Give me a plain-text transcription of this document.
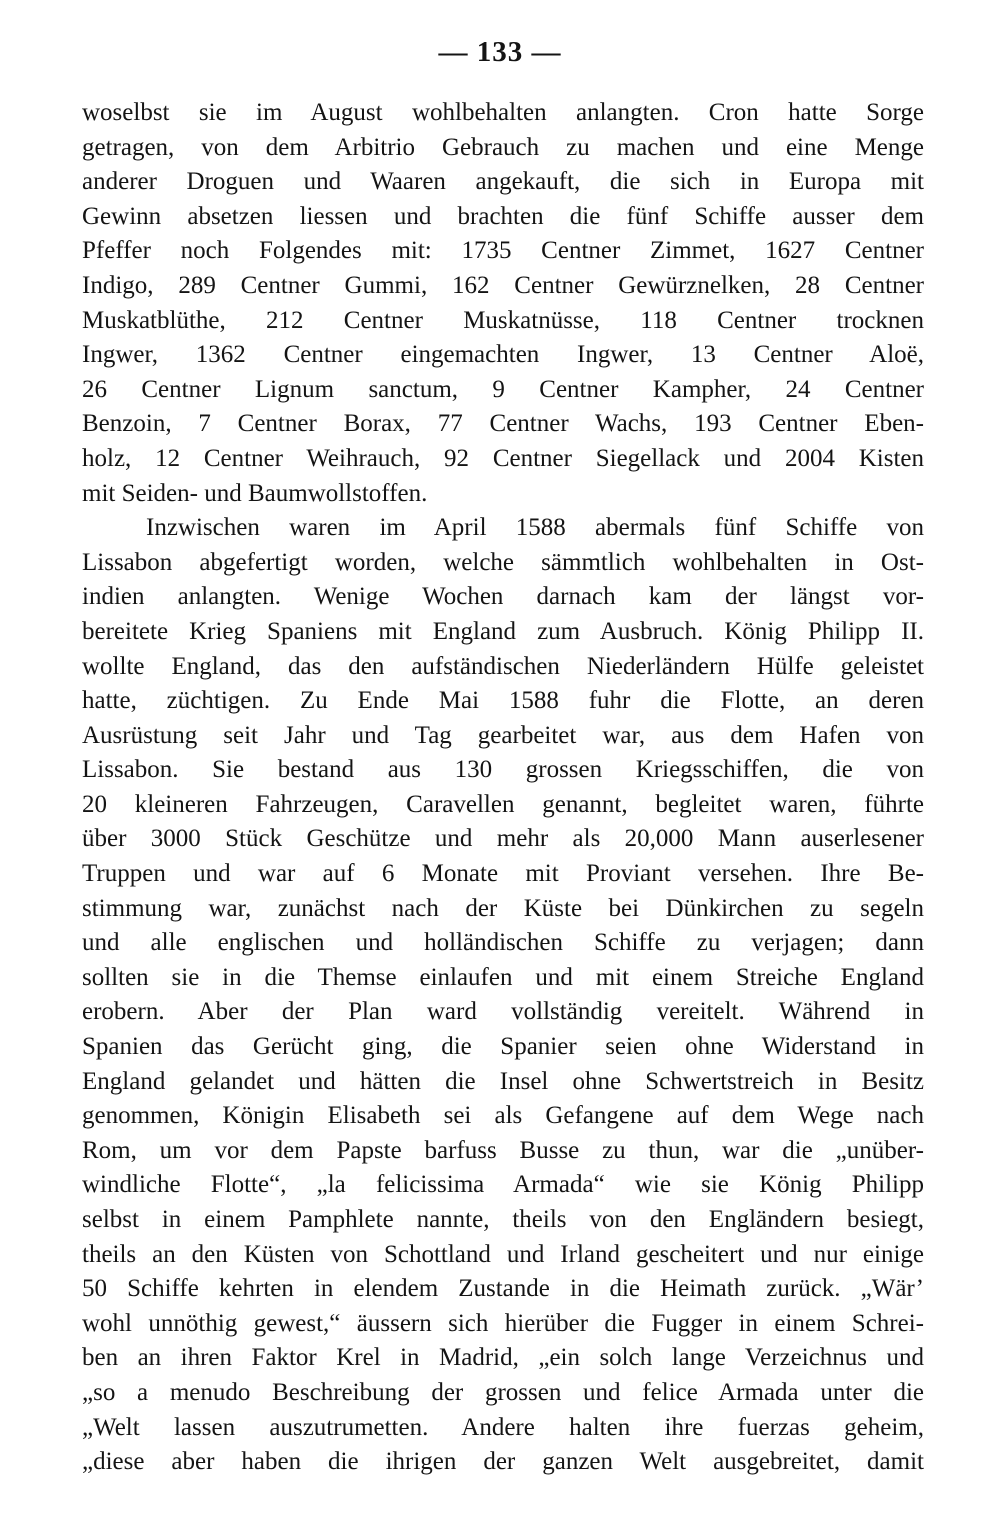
— 133 —
woselbst sie im August wohlbehalten anlangten. Cron hatte Sorge
getragen, von dem Arbitrio Gebrauch zu machen und eine Menge
anderer Droguen und Waaren angekauft, die sich in Europa mit
Gewinn absetzen liessen und brachten die fünf Schiffe ausser dem
Pfeffer noch Folgendes mit: 1735 Centner Zimmet, 1627 Centner
Indigo, 289 Centner Gummi, 162 Centner Gewürznelken, 28 Centner
Muskatblüthe, 212 Centner Muskatnüsse, 118 Centner trocknen
Ingwer, 1362 Centner eingemachten Ingwer, 13 Centner Aloë,
26 Centner Lignum sanctum, 9 Centner Kampher, 24 Centner
Benzoin, 7 Centner Borax, 77 Centner Wachs, 193 Centner Eben-
holz, 12 Centner Weihrauch, 92 Centner Siegellack und 2004 Kisten
mit Seiden- und Baumwollstoffen.
Inzwischen waren im April 1588 abermals fünf Schiffe von
Lissabon abgefertigt worden, welche sämmtlich wohlbehalten in Ost-
indien anlangten. Wenige Wochen darnach kam der längst vor-
bereitete Krieg Spaniens mit England zum Ausbruch. König Philipp II.
wollte England, das den aufständischen Niederländern Hülfe geleistet
hatte, züchtigen. Zu Ende Mai 1588 fuhr die Flotte, an deren
Ausrüstung seit Jahr und Tag gearbeitet war, aus dem Hafen von
Lissabon. Sie bestand aus 130 grossen Kriegsschiffen, die von
20 kleineren Fahrzeugen, Caravellen genannt, begleitet waren, führte
über 3000 Stück Geschütze und mehr als 20,000 Mann auserlesener
Truppen und war auf 6 Monate mit Proviant versehen. Ihre Be-
stimmung war, zunächst nach der Küste bei Dünkirchen zu segeln
und alle englischen und holländischen Schiffe zu verjagen; dann
sollten sie in die Themse einlaufen und mit einem Streiche England
erobern. Aber der Plan ward vollständig vereitelt. Während in
Spanien das Gerücht ging, die Spanier seien ohne Widerstand in
England gelandet und hätten die Insel ohne Schwertstreich in Besitz
genommen, Königin Elisabeth sei als Gefangene auf dem Wege nach
Rom, um vor dem Papste barfuss Busse zu thun, war die „unüber-
windliche Flotte“, „la felicissima Armada“ wie sie König Philipp
selbst in einem Pamphlete nannte, theils von den Engländern besiegt,
theils an den Küsten von Schottland und Irland gescheitert und nur einige
50 Schiffe kehrten in elendem Zustande in die Heimath zurück. „Wär’
wohl unnöthig gewest,“ äussern sich hierüber die Fugger in einem Schrei-
ben an ihren Faktor Krel in Madrid, „ein solch lange Verzeichnus und
„so a menudo Beschreibung der grossen und felice Armada unter die
„Welt lassen auszutrumetten. Andere halten ihre fuerzas geheim,
„diese aber haben die ihrigen der ganzen Welt ausgebreitet, damit
